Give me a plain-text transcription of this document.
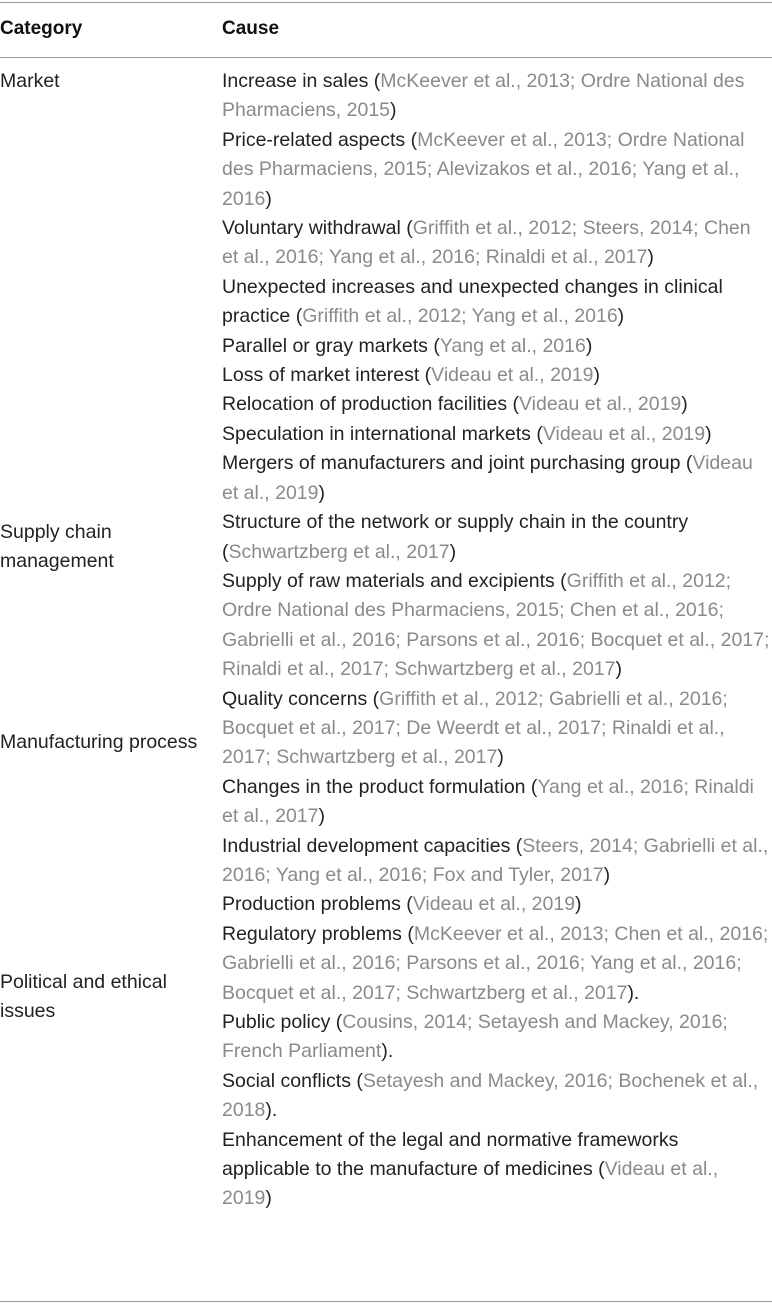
Category	Cause
Market
Supply chain management
Manufacturing process
Political and ethical issues

Increase in sales (McKeever et al., 2013; Ordre National des Pharmaciens, 2015)

Price-related aspects (McKeever et al., 2013; Ordre National des Pharmaciens, 2015; Alevizakos et al., 2016; Yang et al., 2016)

Voluntary withdrawal (Griffith et al., 2012; Steers, 2014; Chen et al., 2016; Yang et al., 2016; Rinaldi et al., 2017)

Unexpected increases and unexpected changes in clinical practice (Griffith et al., 2012; Yang et al., 2016)

Parallel or gray markets (Yang et al., 2016)

Loss of market interest (Videau et al., 2019)

Relocation of production facilities (Videau et al., 2019)

Speculation in international markets (Videau et al., 2019)

Mergers of manufacturers and joint purchasing group (Videau et al., 2019)

Structure of the network or supply chain in the country (Schwartzberg et al., 2017)

Supply of raw materials and excipients (Griffith et al., 2012; Ordre National des Pharmaciens, 2015; Chen et al., 2016; Gabrielli et al., 2016; Parsons et al., 2016; Bocquet et al., 2017; Rinaldi et al., 2017; Schwartzberg et al., 2017)

Quality concerns (Griffith et al., 2012; Gabrielli et al., 2016; Bocquet et al., 2017; De Weerdt et al., 2017; Rinaldi et al., 2017; Schwartzberg et al., 2017)

Changes in the product formulation (Yang et al., 2016; Rinaldi et al., 2017)

Industrial development capacities (Steers, 2014; Gabrielli et al., 2016; Yang et al., 2016; Fox and Tyler, 2017)

Production problems (Videau et al., 2019)

Regulatory problems (McKeever et al., 2013; Chen et al., 2016; Gabrielli et al., 2016; Parsons et al., 2016; Yang et al., 2016; Bocquet et al., 2017; Schwartzberg et al., 2017).

Public policy (Cousins, 2014; Setayesh and Mackey, 2016; French Parliament).

Social conflicts (Setayesh and Mackey, 2016; Bochenek et al., 2018).

Enhancement of the legal and normative frameworks applicable to the manufacture of medicines (Videau et al., 2019)
